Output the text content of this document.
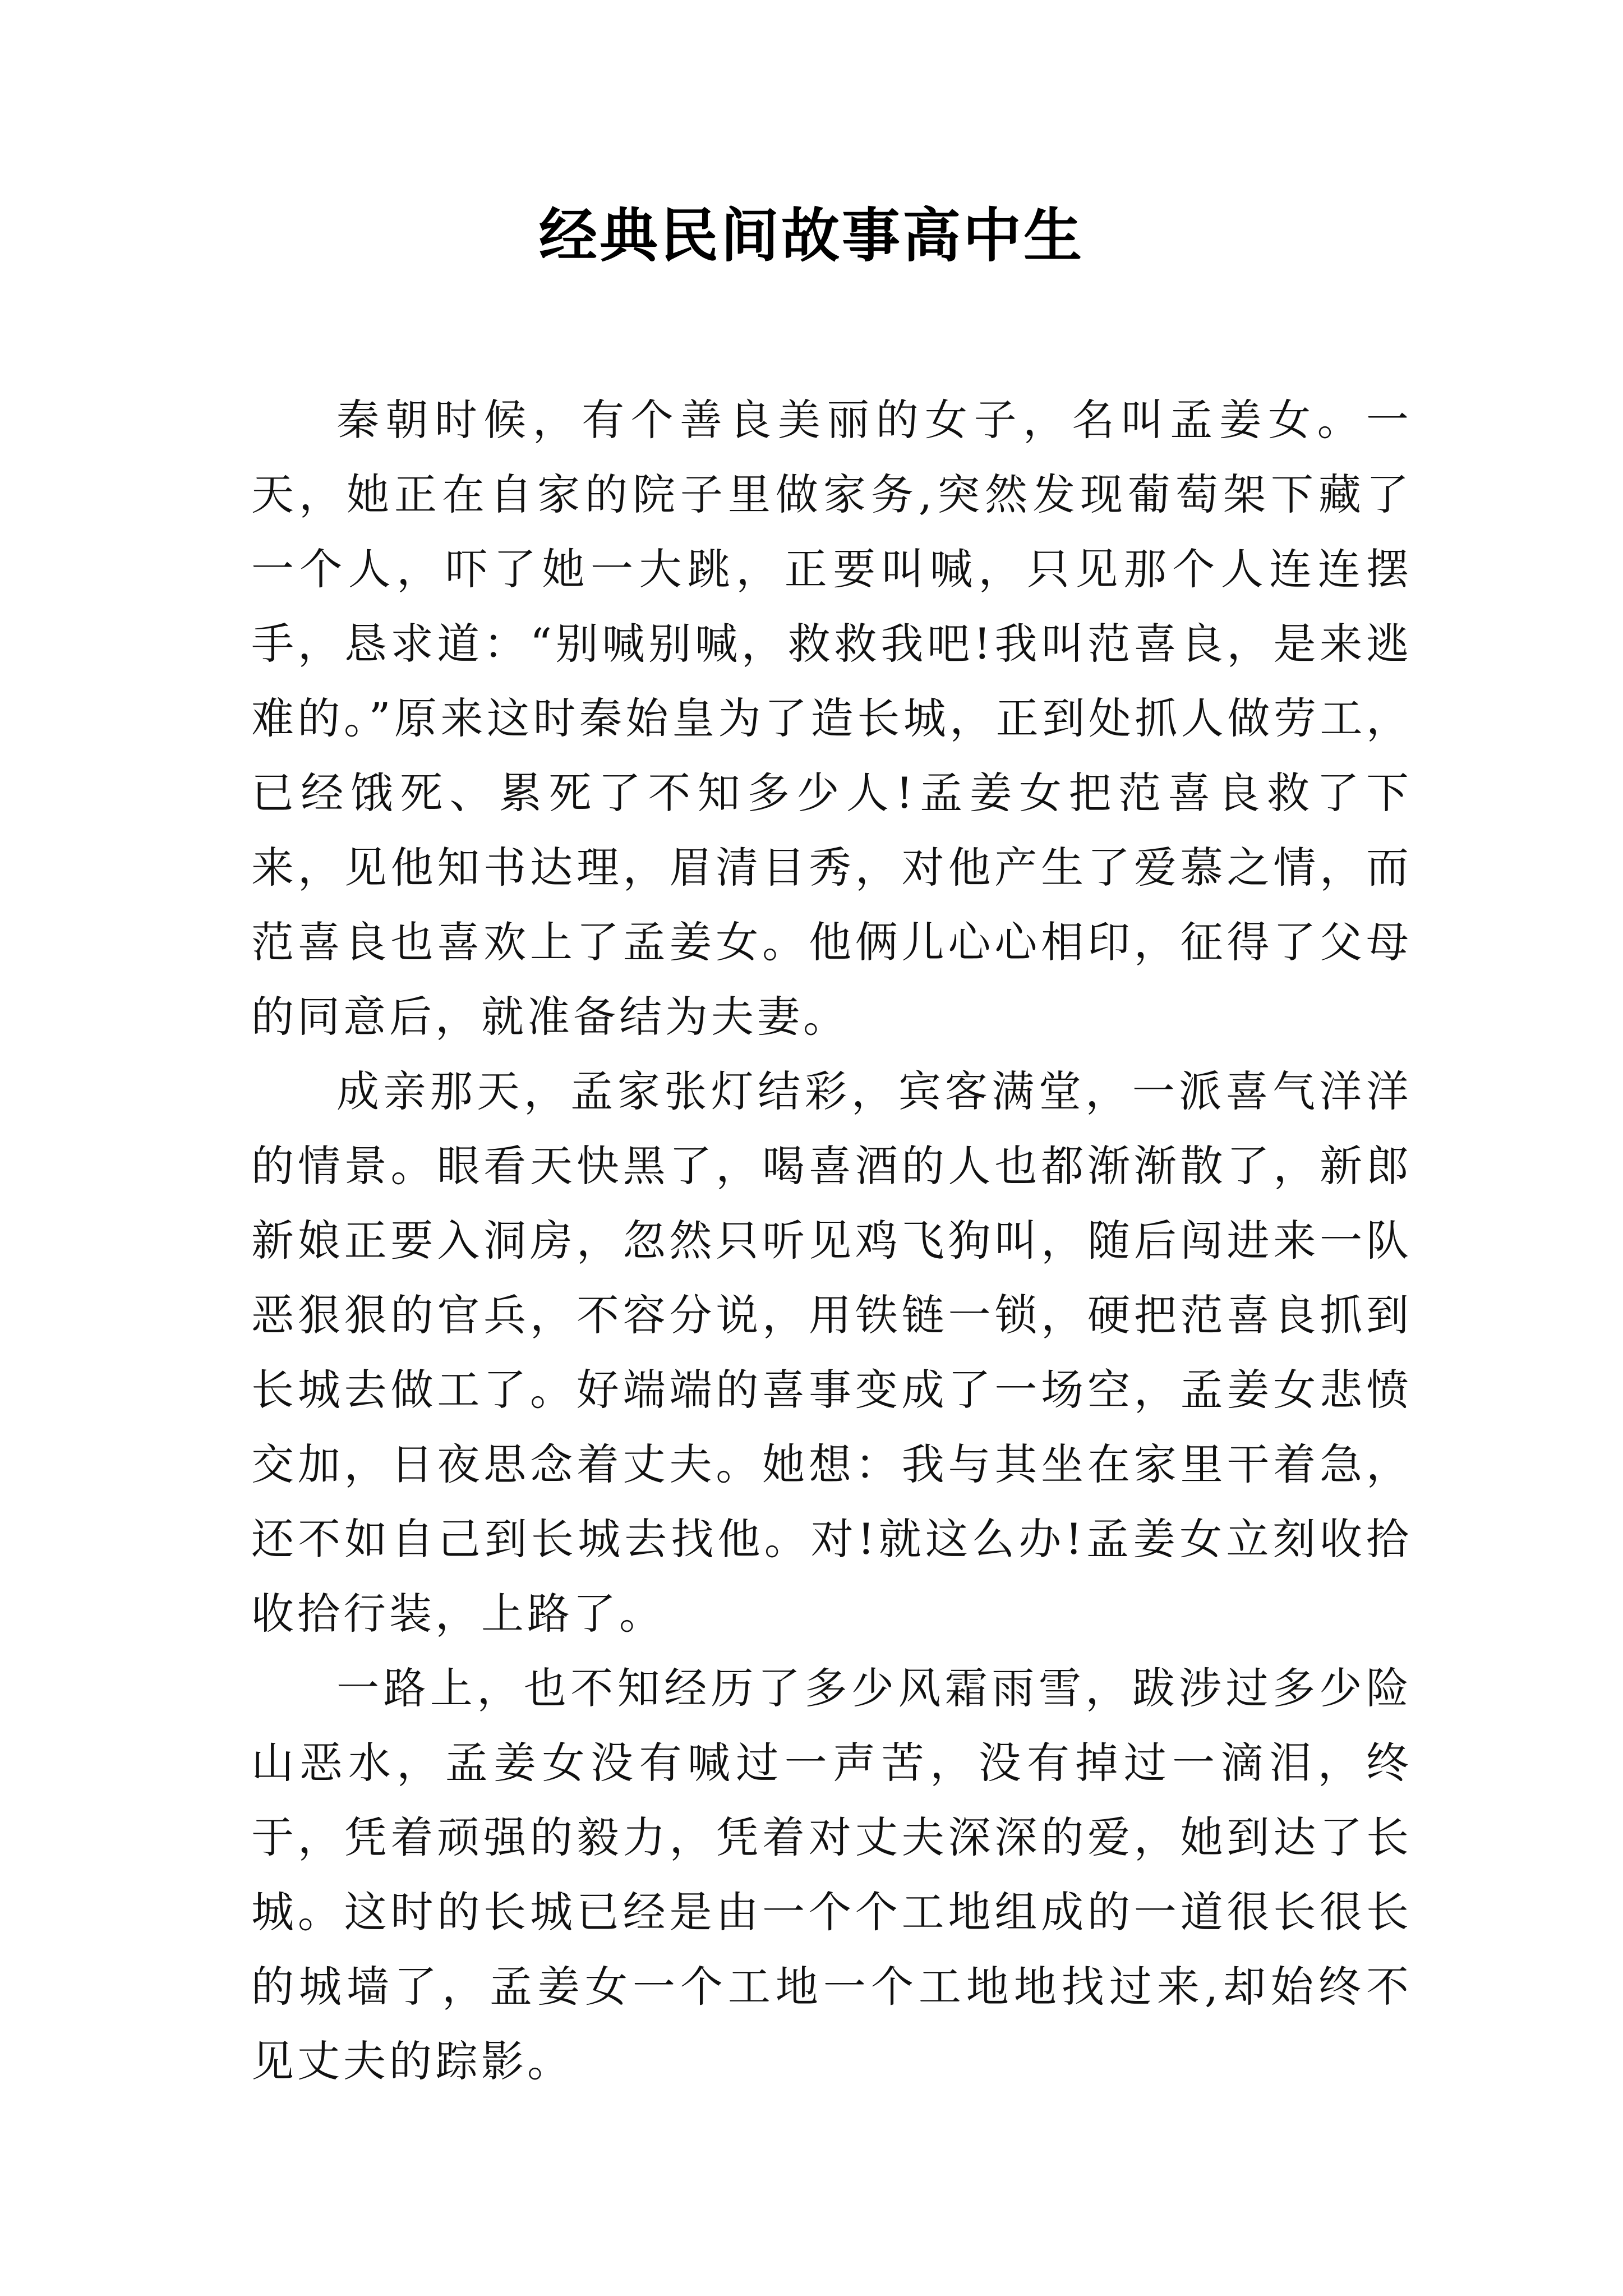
经典民间故事高中生

秦朝时候，有个善良美丽的女子，名叫孟姜女。一天，她正在自家的院子里做家务,突然发现葡萄架下藏了一个人，吓了她一大跳，正要叫喊，只见那个人连连摆手，恳求道：“别喊别喊，救救我吧!我叫范喜良，是来逃难的。”原来这时秦始皇为了造长城，正到处抓人做劳工，已经饿死、累死了不知多少人!孟姜女把范喜良救了下来，见他知书达理，眉清目秀，对他产生了爱慕之情，而范喜良也喜欢上了孟姜女。他俩儿心心相印，征得了父母的同意后，就准备结为夫妻。

成亲那天，孟家张灯结彩，宾客满堂，一派喜气洋洋的情景。眼看天快黑了，喝喜酒的人也都渐渐散了，新郎新娘正要入洞房，忽然只听见鸡飞狗叫，随后闯进来一队恶狠狠的官兵，不容分说，用铁链一锁，硬把范喜良抓到长城去做工了。好端端的喜事变成了一场空，孟姜女悲愤交加，日夜思念着丈夫。她想：我与其坐在家里干着急，还不如自己到长城去找他。对!就这么办!孟姜女立刻收拾收拾行装，上路了。

一路上，也不知经历了多少风霜雨雪，跋涉过多少险山恶水，孟姜女没有喊过一声苦，没有掉过一滴泪，终于，凭着顽强的毅力，凭着对丈夫深深的爱，她到达了长城。这时的长城已经是由一个个工地组成的一道很长很长的城墙了，孟姜女一个工地一个工地地找过来,却始终不见丈夫的踪影。
